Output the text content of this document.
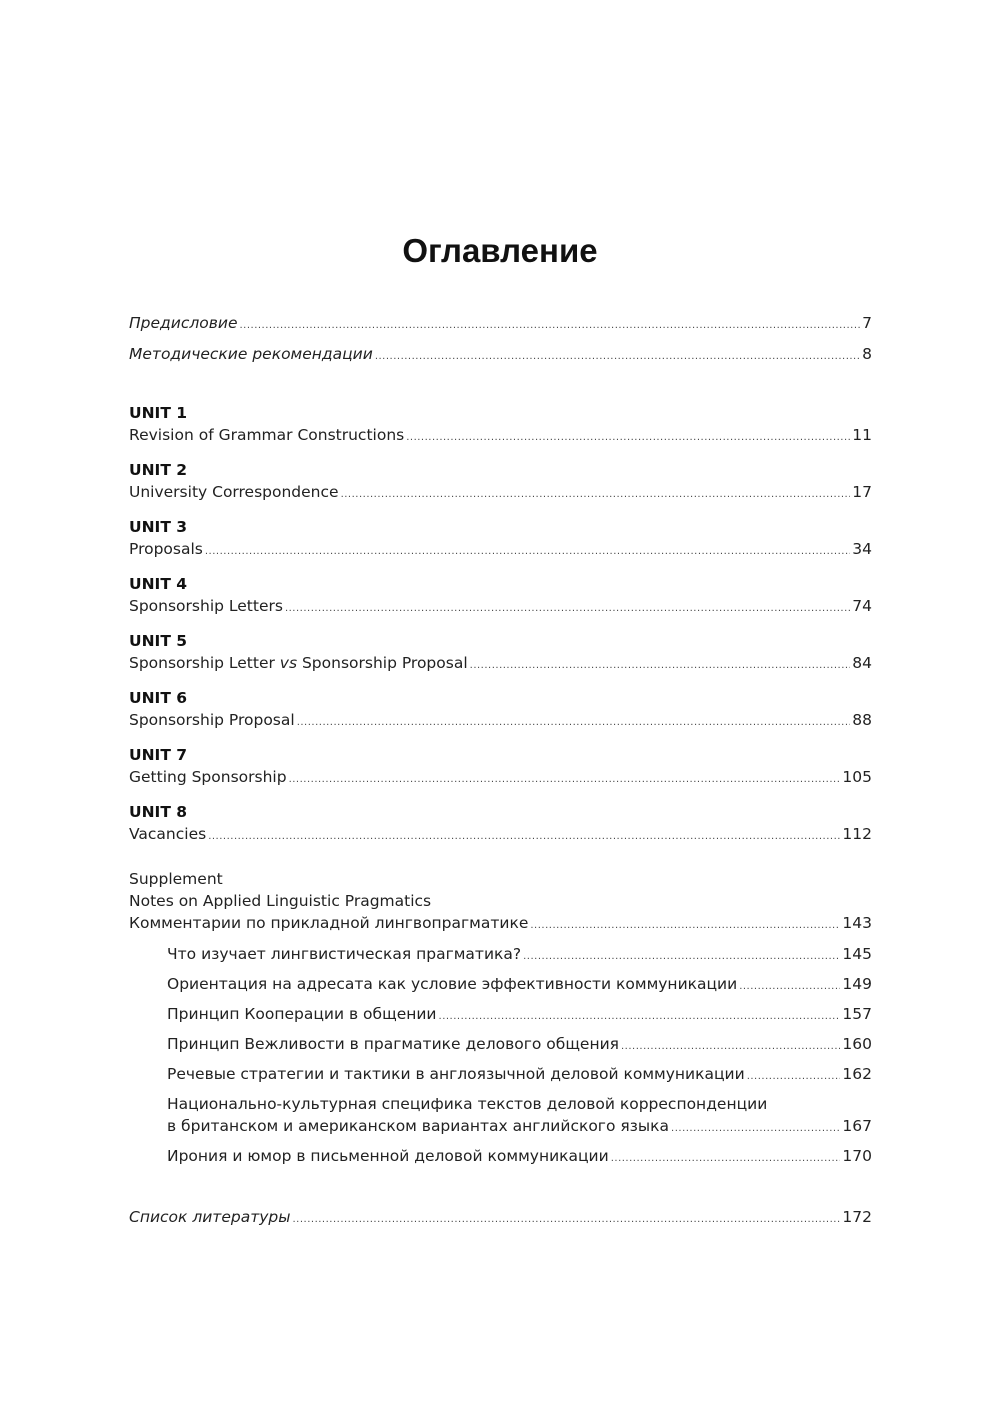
Оглавление
Предисловие .....	7
Методические рекомендации .....	8
UNIT 1
Revision of Grammar Constructions .....	11
UNIT 2
University Correspondence .....	17
UNIT 3
Proposals .....	34
UNIT 4
Sponsorship Letters .....	74
UNIT 5
Sponsorship Letter vs Sponsorship Proposal .....	84
UNIT 6
Sponsorship Proposal .....	88
UNIT 7
Getting Sponsorship .....	105
UNIT 8
Vacancies .....	112
Supplement
Notes on Applied Linguistic Pragmatics
Комментарии по прикладной лингвопрагматике .....	143
Что изучает лингвистическая прагматика? .....	145
Ориентация на адресата как условие эффективности коммуникации .....	149
Принцип Кооперации в общении .....	157
Принцип Вежливости в прагматике делового общения .....	160
Речевые стратегии и тактики в англоязычной деловой коммуникации .....	162
Национально-культурная специфика текстов деловой корреспонденции
в британском и американском вариантах английского языка .....	167
Ирония и юмор в письменной деловой коммуникации .....	170
Список литературы .....	172
